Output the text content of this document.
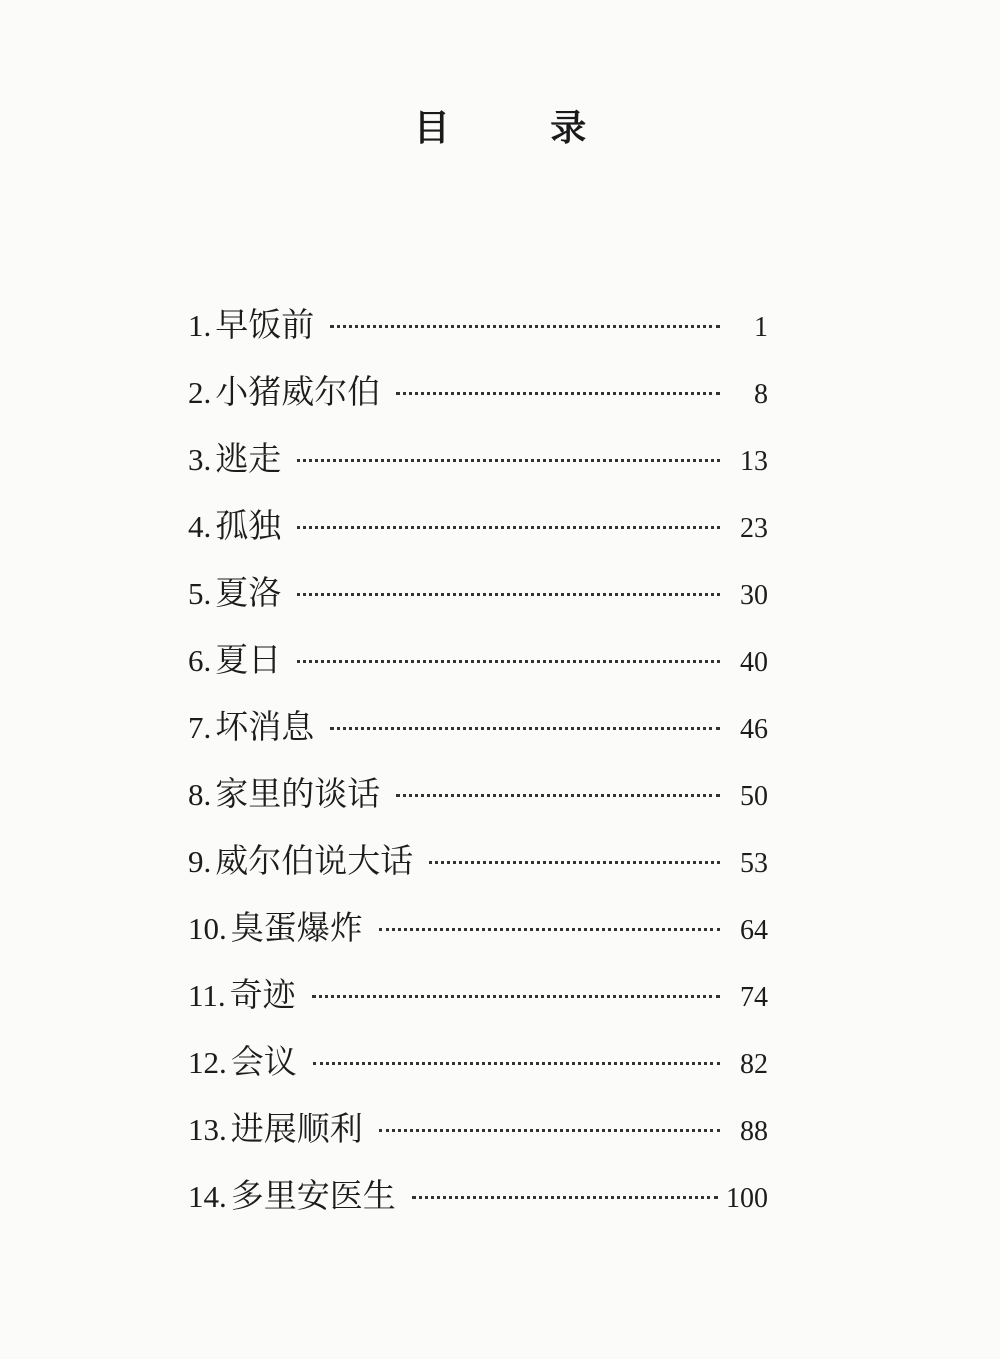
目 录
1. 早饭前	1
2. 小猪威尔伯	8
3. 逃走	13
4. 孤独	23
5. 夏洛	30
6. 夏日	40
7. 坏消息	46
8. 家里的谈话	50
9. 威尔伯说大话	53
10. 臭蛋爆炸	64
11. 奇迹	74
12. 会议	82
13. 进展顺利	88
14. 多里安医生	100
